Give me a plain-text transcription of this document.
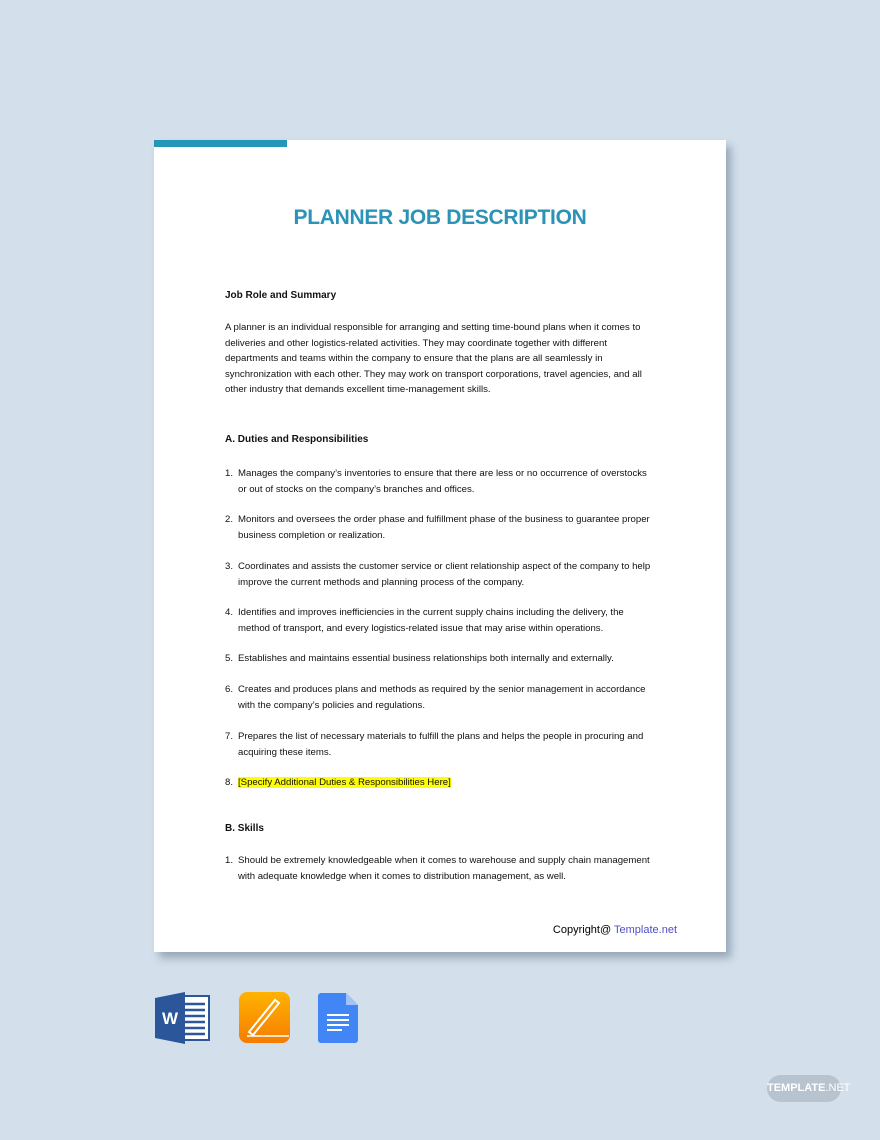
PLANNER JOB DESCRIPTION
Job Role and Summary
A planner is an individual responsible for arranging and setting time-bound plans when it comes to
deliveries and other logistics-related activities. They may coordinate together with different
departments and teams within the company to ensure that the plans are all seamlessly in
synchronization with each other. They may work on transport corporations, travel agencies, and all
other industry that demands excellent time-management skills.
A. Duties and Responsibilities
1. Manages the company’s inventories to ensure that there are less or no occurrence of overstocks
or out of stocks on the company’s branches and offices.
2. Monitors and oversees the order phase and fulfillment phase of the business to guarantee proper
business completion or realization.
3. Coordinates and assists the customer service or client relationship aspect of the company to help
improve the current methods and planning process of the company.
4. Identifies and improves inefficiencies in the current supply chains including the delivery, the
method of transport, and every logistics-related issue that may arise within operations.
5. Establishes and maintains essential business relationships both internally and externally.
6. Creates and produces plans and methods as required by the senior management in accordance
with the company’s policies and regulations.
7. Prepares the list of necessary materials to fulfill the plans and helps the people in procuring and
acquiring these items.
8. [Specify Additional Duties & Responsibilities Here]
B. Skills
1. Should be extremely knowledgeable when it comes to warehouse and supply chain management
with adequate knowledge when it comes to distribution management, as well.
Copyright@ Template.net
W
TEMPLATE.NET
